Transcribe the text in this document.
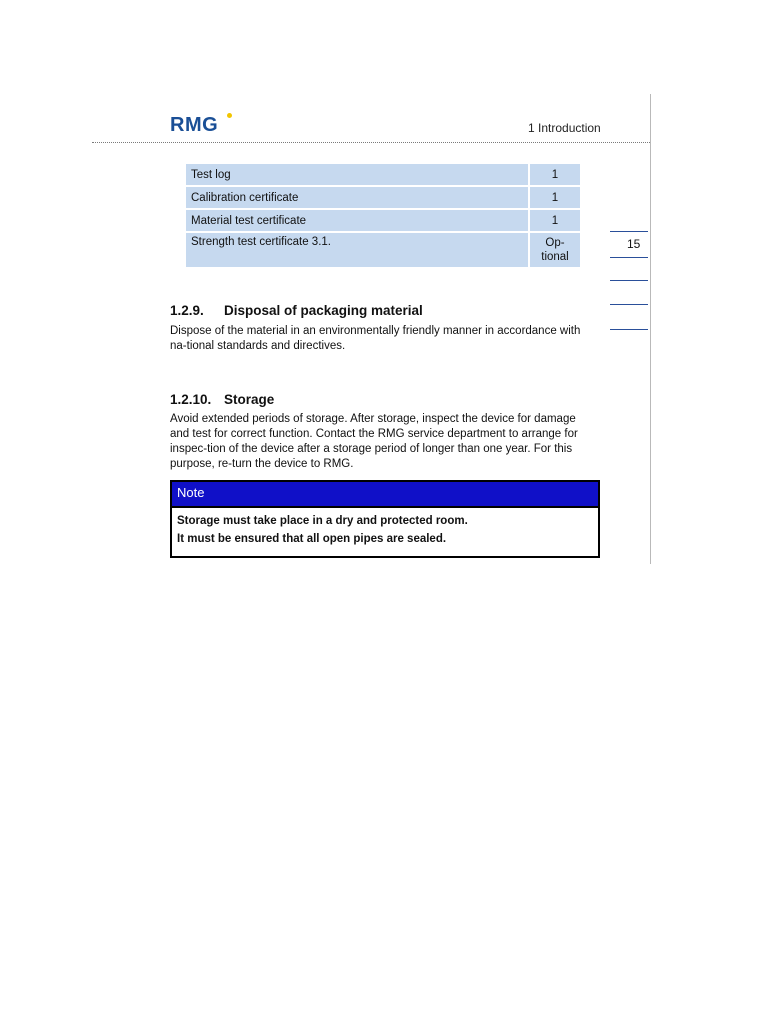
RMG	1 Introduction
15
Test log	1
Calibration certificate	1
Material test certificate	1
Strength test certificate 3.1.	Op-
tional
1.2.9. Disposal of packaging material
Dispose of the material in an environmentally friendly manner in accordance with na-tional standards and directives.
1.2.10. Storage
Avoid extended periods of storage. After storage, inspect the device for damage and test for correct function. Contact the RMG service department to arrange for inspec-tion of the device after a storage period of longer than one year. For this purpose, re-turn the device to RMG.
Note
Storage must take place in a dry and protected room.
It must be ensured that all open pipes are sealed.
